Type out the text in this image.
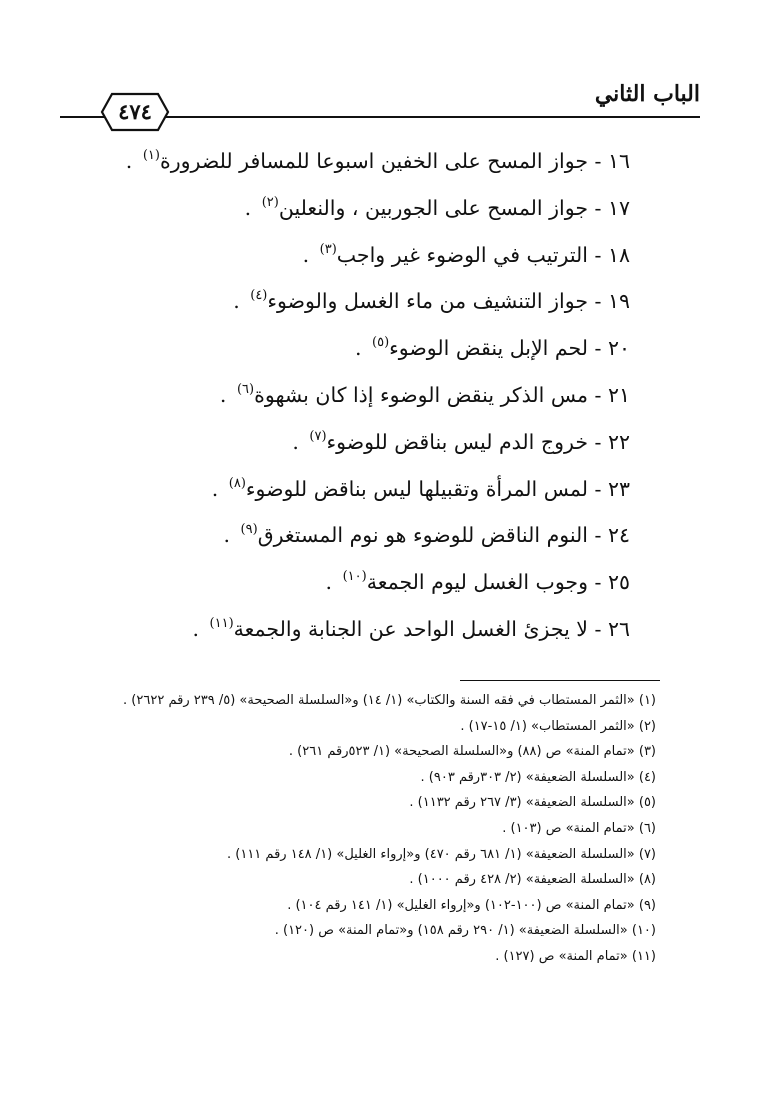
الباب الثاني
٤٧٤
١٦ - جواز المسح على الخفين اسبوعا للمسافر للضرورة$^{(١)}$ .
١٧ - جواز المسح على الجوربين ، والنعلين$^{(٢)}$ .
١٨ - الترتيب في الوضوء غير واجب$^{(٣)}$ .
١٩ - جواز التنشيف من ماء الغسل والوضوء$^{(٤)}$ .
٢٠ - لحم الإبل ينقض الوضوء$^{(٥)}$ .
٢١ - مس الذكر ينقض الوضوء إذا كان بشهوة$^{(٦)}$ .
٢٢ - خروج الدم ليس بناقض للوضوء$^{(٧)}$ .
٢٣ - لمس المرأة وتقبيلها ليس بناقض للوضوء$^{(٨)}$ .
٢٤ - النوم الناقض للوضوء هو نوم المستغرق$^{(٩)}$ .
٢٥ - وجوب الغسل ليوم الجمعة$^{(١٠)}$ .
٢٦ - لا يجزئ الغسل الواحد عن الجنابة والجمعة$^{(١١)}$ .
(١) «الثمر المستطاب في فقه السنة والكتاب» (١/ ١٤) و«السلسلة الصحيحة» (٥/ ٢٣٩ رقم ٢٦٢٢) .
(٢) «الثمر المستطاب» (١/ ١٥-١٧) .
(٣) «تمام المنة» ص (٨٨) و«السلسلة الصحيحة» (١/ ٥٢٣رقم ٢٦١) .
(٤) «السلسلة الضعيفة» (٢/ ٣٠٣رقم ٩٠٣) .
(٥) «السلسلة الضعيفة» (٣/ ٢٦٧ رقم ١١٣٢) .
(٦) «تمام المنة» ص (١٠٣) .
(٧) «السلسلة الضعيفة» (١/ ٦٨١ رقم ٤٧٠) و«إرواء الغليل» (١/ ١٤٨ رقم ١١١) .
(٨) «السلسلة الضعيفة» (٢/ ٤٢٨ رقم ١٠٠٠) .
(٩) «تمام المنة» ص (١٠٠-١٠٢) و«إرواء الغليل» (١/ ١٤١ رقم ١٠٤) .
(١٠) «السلسلة الضعيفة» (١/ ٢٩٠ رقم ١٥٨) و«تمام المنة» ص (١٢٠) .
(١١) «تمام المنة» ص (١٢٧) .
